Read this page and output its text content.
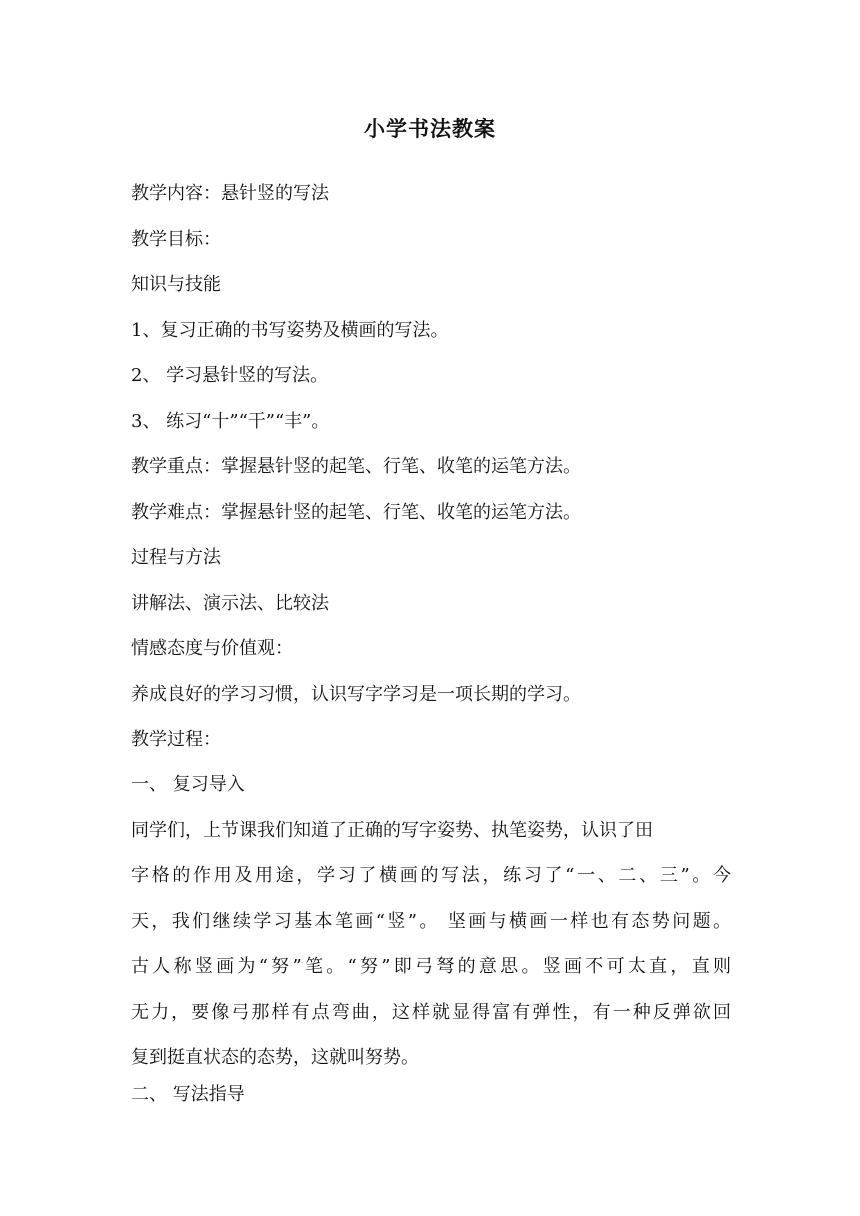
小学书法教案
教学内容：悬针竖的写法
教学目标：
知识与技能
1、复习正确的书写姿势及横画的写法。
2、 学习悬针竖的写法。
3、 练习“十”“干”“丰”。
教学重点：掌握悬针竖的起笔、行笔、收笔的运笔方法。
教学难点：掌握悬针竖的起笔、行笔、收笔的运笔方法。
过程与方法
讲解法、演示法、比较法
情感态度与价值观：
养成良好的学习习惯，认识写字学习是一项长期的学习。
教学过程：
一、 复习导入
同学们，上节课我们知道了正确的写字姿势、执笔姿势，认识了田
字格的作用及用途，学习了横画的写法，练习了“一、二、三”。今
天，我们继续学习基本笔画“竖”。 坚画与横画一样也有态势问题。
古人称竖画为“努”笔。“努”即弓弩的意思。竖画不可太直，直则
无力，要像弓那样有点弯曲，这样就显得富有弹性，有一种反弹欲回
复到挺直状态的态势，这就叫努势。
二、 写法指导
